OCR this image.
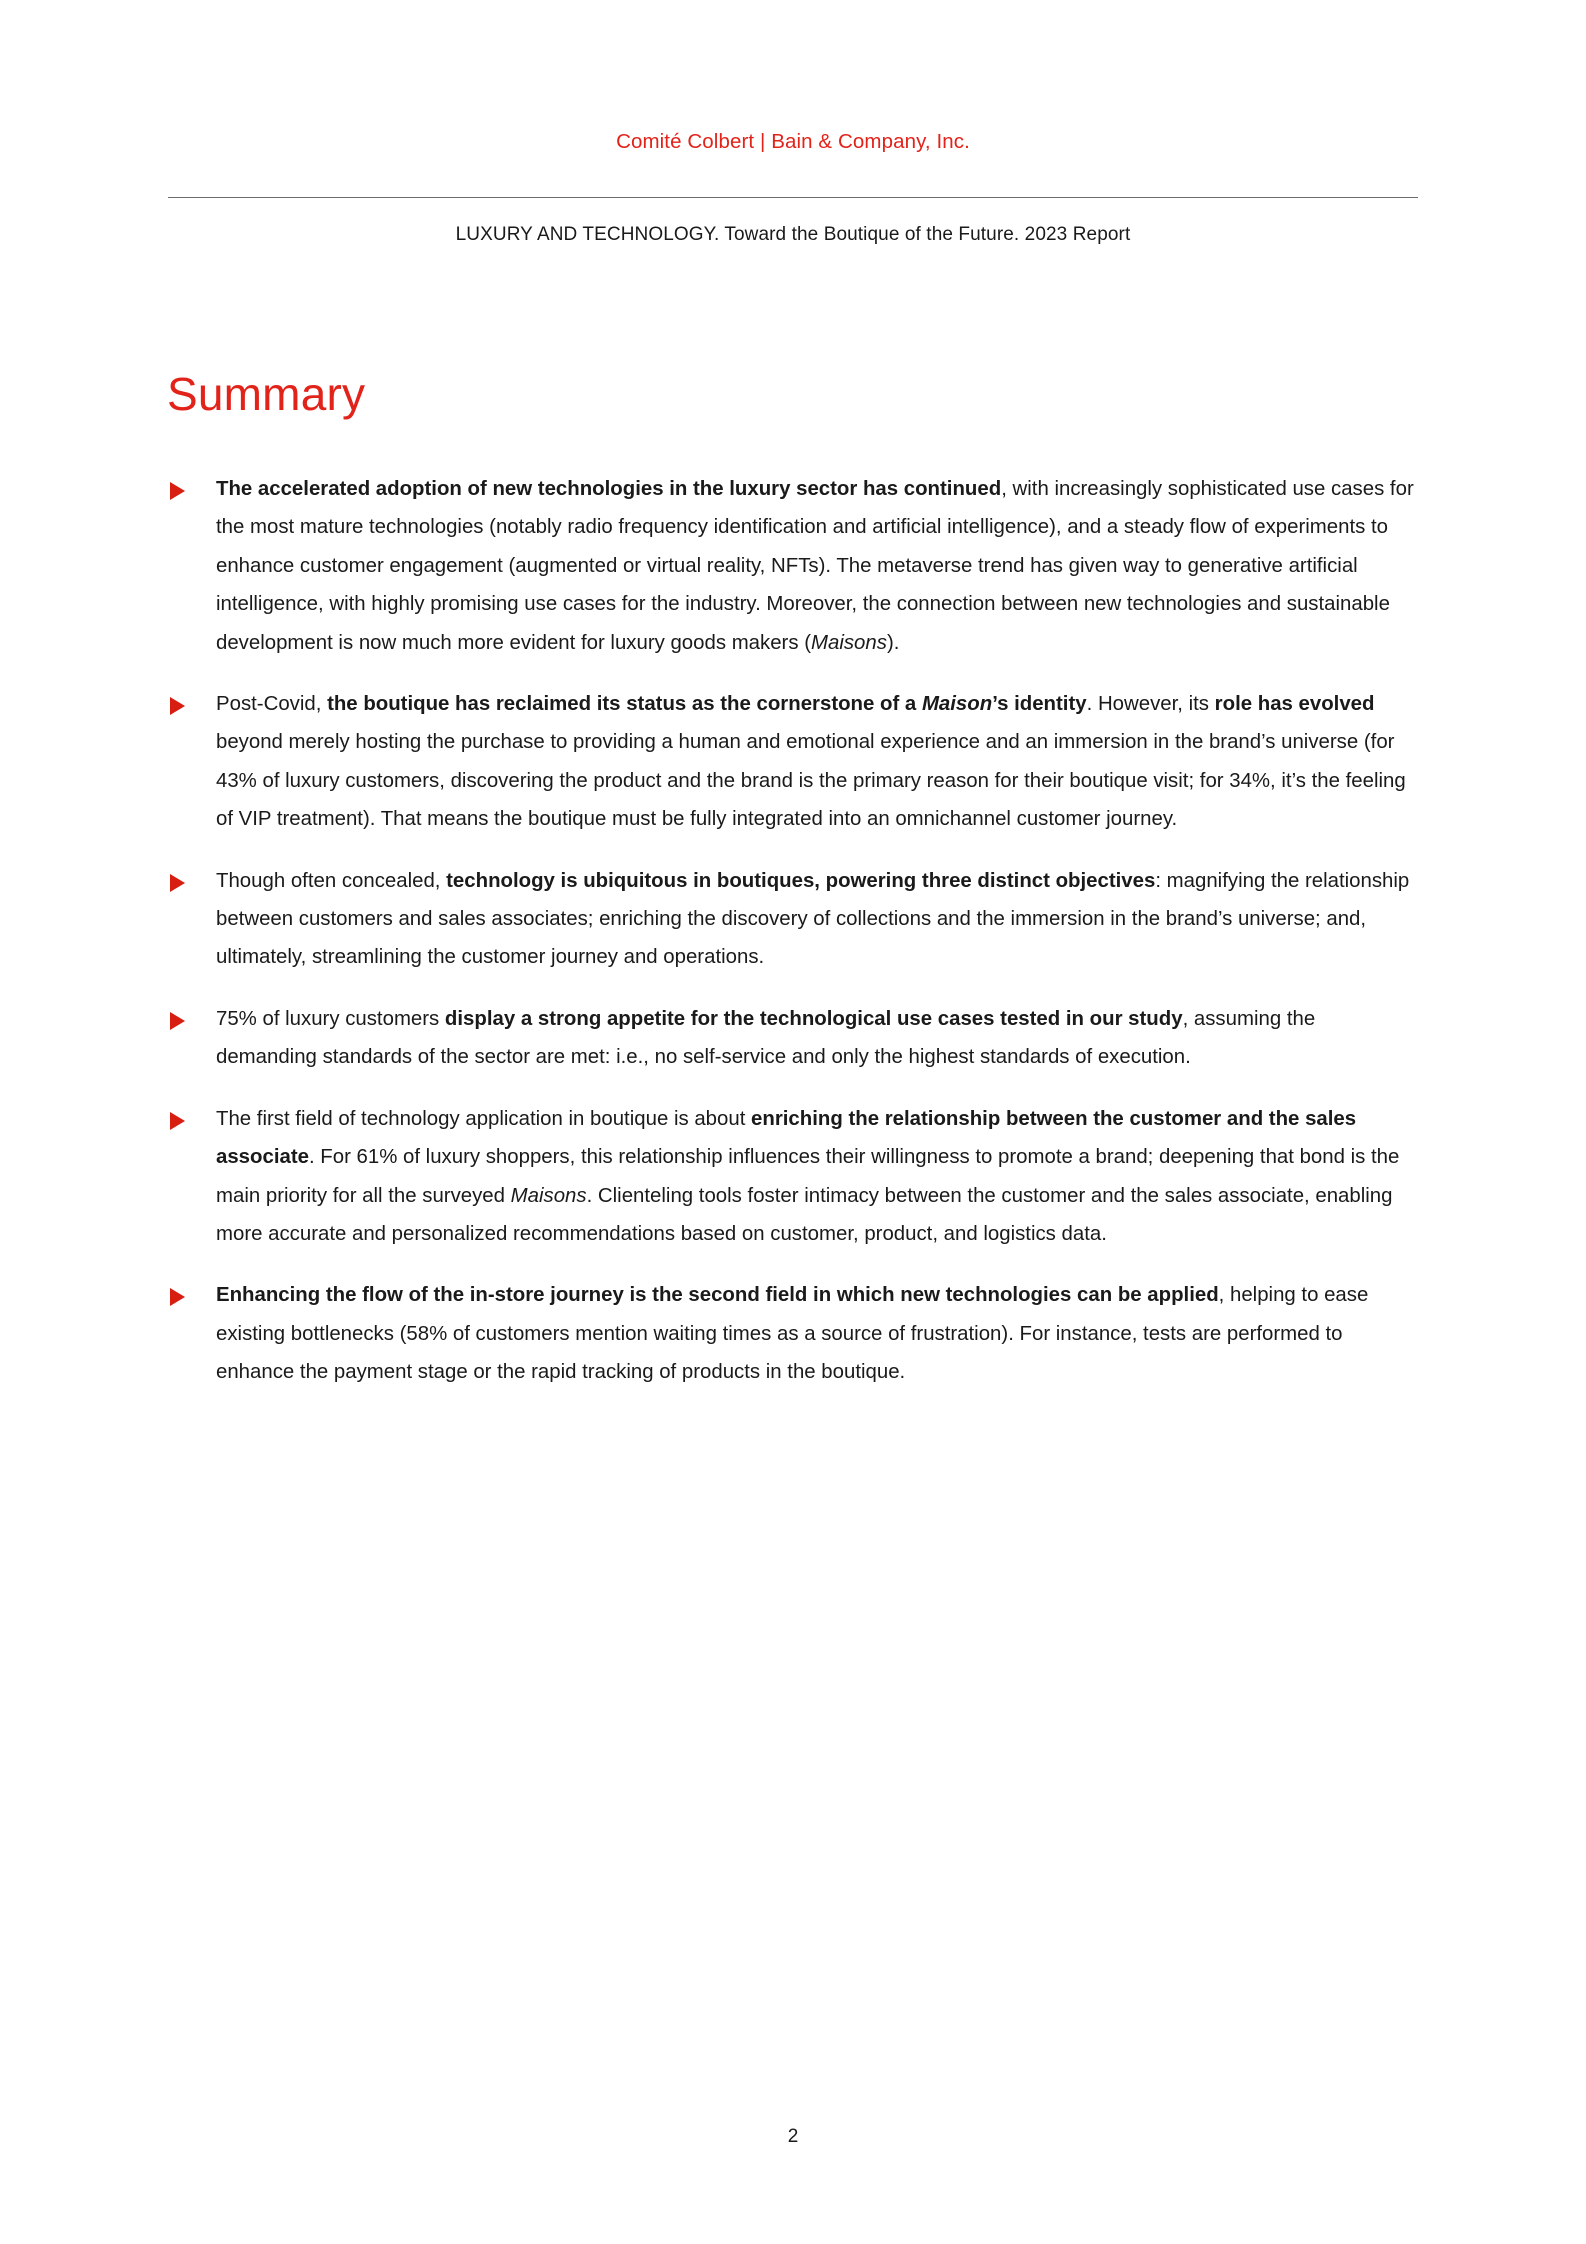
Comité Colbert | Bain & Company, Inc.
LUXURY AND TECHNOLOGY. Toward the Boutique of the Future. 2023 Report
Summary
The accelerated adoption of new technologies in the luxury sector has continued, with increasingly sophisticated use cases for the most mature technologies (notably radio frequency identification and artificial intelligence), and a steady flow of experiments to enhance customer engagement (augmented or virtual reality, NFTs). The metaverse trend has given way to generative artificial intelligence, with highly promising use cases for the industry. Moreover, the connection between new technologies and sustainable development is now much more evident for luxury goods makers (Maisons).
Post-Covid, the boutique has reclaimed its status as the cornerstone of a Maison’s identity. However, its role has evolved beyond merely hosting the purchase to providing a human and emotional experience and an immersion in the brand’s universe (for 43% of luxury customers, discovering the product and the brand is the primary reason for their boutique visit; for 34%, it’s the feeling of VIP treatment). That means the boutique must be fully integrated into an omnichannel customer journey.
Though often concealed, technology is ubiquitous in boutiques, powering three distinct objectives: magnifying the relationship between customers and sales associates; enriching the discovery of collections and the immersion in the brand’s universe; and, ultimately, streamlining the customer journey and operations.
75% of luxury customers display a strong appetite for the technological use cases tested in our study, assuming the demanding standards of the sector are met: i.e., no self-service and only the highest standards of execution.
The first field of technology application in boutique is about enriching the relationship between the customer and the sales associate. For 61% of luxury shoppers, this relationship influences their willingness to promote a brand; deepening that bond is the main priority for all the surveyed Maisons. Clienteling tools foster intimacy between the customer and the sales associate, enabling more accurate and personalized recommendations based on customer, product, and logistics data.
Enhancing the flow of the in-store journey is the second field in which new technologies can be applied, helping to ease existing bottlenecks (58% of customers mention waiting times as a source of frustration). For instance, tests are performed to enhance the payment stage or the rapid tracking of products in the boutique.
2
